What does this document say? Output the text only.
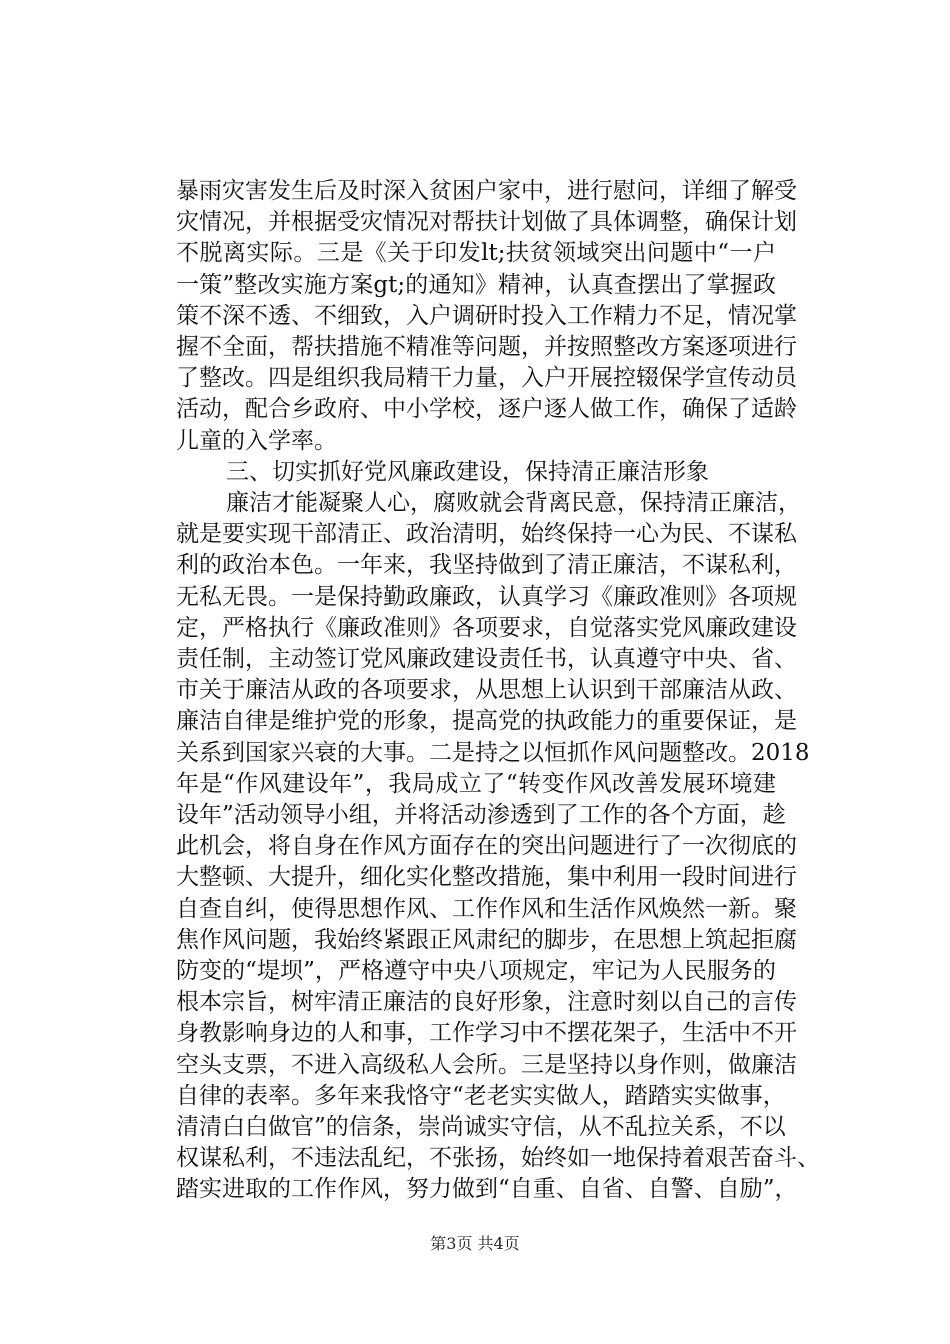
暴雨灾害发生后及时深入贫困户家中，进行慰问，详细了解受
灾情况，并根据受灾情况对帮扶计划做了具体调整，确保计划
不脱离实际。三是《关于印发lt;扶贫领域突出问题中“一户
一策”整改实施方案gt;的通知》精神，认真查摆出了掌握政
策不深不透、不细致，入户调研时投入工作精力不足，情况掌
握不全面，帮扶措施不精准等问题，并按照整改方案逐项进行
了整改。四是组织我局精干力量，入户开展控辍保学宣传动员
活动，配合乡政府、中小学校，逐户逐人做工作，确保了适龄
儿童的入学率。
三、切实抓好党风廉政建设，保持清正廉洁形象
廉洁才能凝聚人心，腐败就会背离民意，保持清正廉洁，
就是要实现干部清正、政治清明，始终保持一心为民、不谋私
利的政治本色。一年来，我坚持做到了清正廉洁，不谋私利，
无私无畏。一是保持勤政廉政，认真学习《廉政准则》各项规
定，严格执行《廉政准则》各项要求，自觉落实党风廉政建设
责任制，主动签订党风廉政建设责任书，认真遵守中央、省、
市关于廉洁从政的各项要求，从思想上认识到干部廉洁从政、
廉洁自律是维护党的形象，提高党的执政能力的重要保证，是
关系到国家兴衰的大事。二是持之以恒抓作风问题整改。2018
年是“作风建设年”，我局成立了“转变作风改善发展环境建
设年”活动领导小组，并将活动渗透到了工作的各个方面，趁
此机会，将自身在作风方面存在的突出问题进行了一次彻底的
大整顿、大提升，细化实化整改措施，集中利用一段时间进行
自查自纠，使得思想作风、工作作风和生活作风焕然一新。聚
焦作风问题，我始终紧跟正风肃纪的脚步，在思想上筑起拒腐
防变的“堤坝”，严格遵守中央八项规定，牢记为人民服务的
根本宗旨，树牢清正廉洁的良好形象，注意时刻以自己的言传
身教影响身边的人和事，工作学习中不摆花架子，生活中不开
空头支票，不进入高级私人会所。三是坚持以身作则，做廉洁
自律的表率。多年来我恪守“老老实实做人，踏踏实实做事，
清清白白做官”的信条，崇尚诚实守信，从不乱拉关系，不以
权谋私利，不违法乱纪，不张扬，始终如一地保持着艰苦奋斗、
踏实进取的工作作风，努力做到“自重、自省、自警、自励”，
第3页 共4页
